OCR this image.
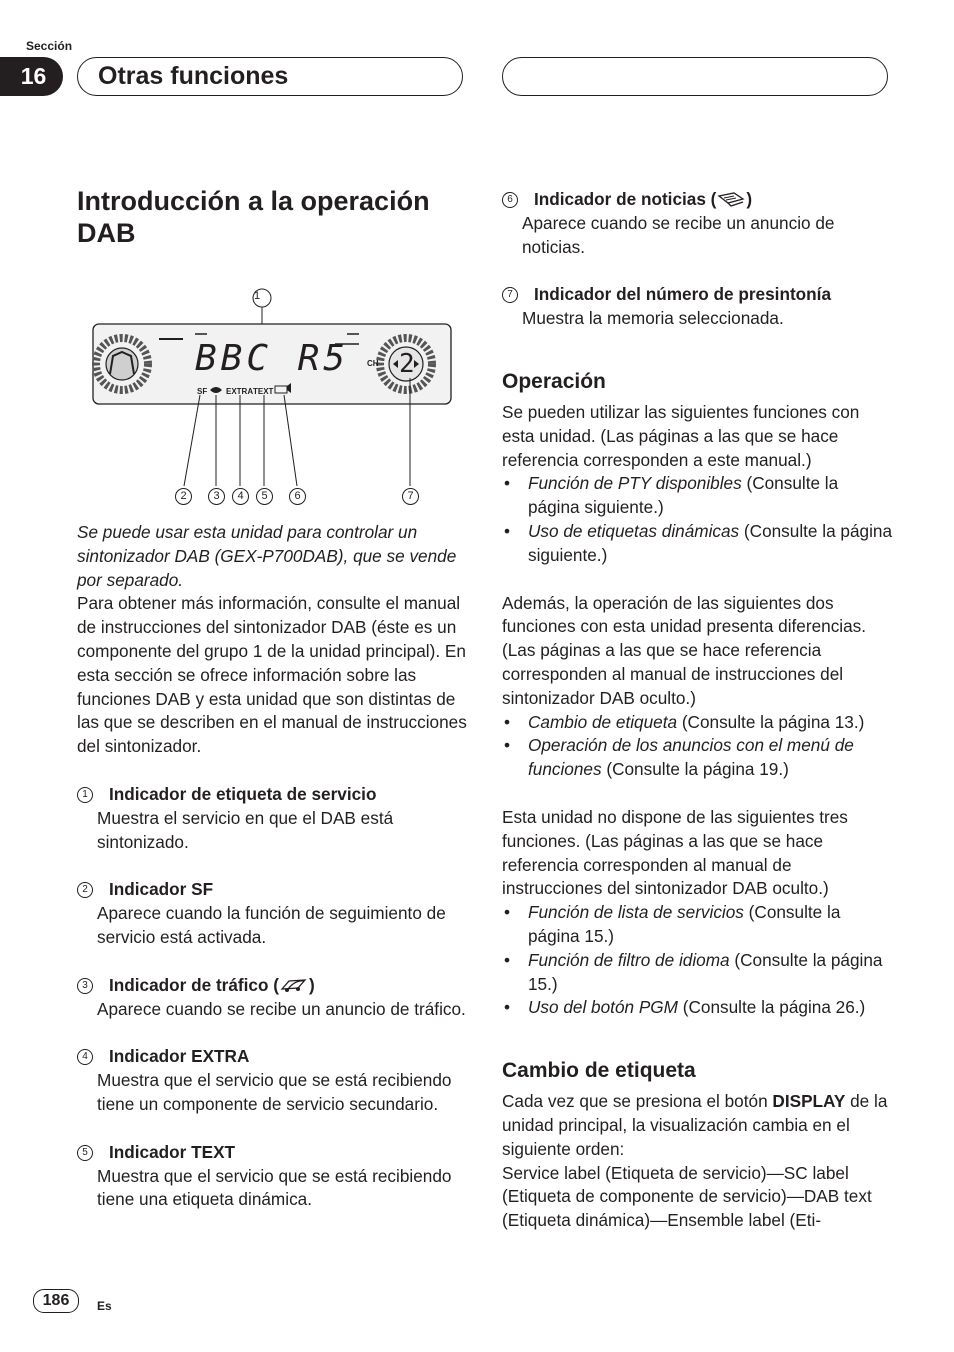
Sección
16	Otras funciones
Introducción a la operación DAB
BBC R5 2
CH
SF EXTRA TEXT
1
2	3	4	5	6	7

Se puede usar esta unidad para controlar un sintonizador DAB (GEX-P700DAB), que se vende por separado.

Para obtener más información, consulte el manual de instrucciones del sintonizador DAB (éste es un componente del grupo 1 de la unidad principal). En esta sección se ofrece información sobre las funciones DAB y esta unidad que son distintas de las que se describen en el manual de instrucciones del sintonizador.

1	Indicador de etiqueta de servicio
Muestra el servicio en que el DAB está sintonizado.
2	Indicador SF
Aparece cuando la función de seguimiento de servicio está activada.
3	Indicador de tráfico ( )
Aparece cuando se recibe un anuncio de tráfico.
4	Indicador EXTRA
Muestra que el servicio que se está recibiendo tiene un componente de servicio secundario.
5	Indicador TEXT
Muestra que el servicio que se está recibiendo tiene una etiqueta dinámica.
6	Indicador de noticias ( )
Aparece cuando se recibe un anuncio de noticias.
7	Indicador del número de presintonía
Muestra la memoria seleccionada.
Operación

Se pueden utilizar las siguientes funciones con esta unidad. (Las páginas a las que se hace referencia corresponden a este manual.)

• Función de PTY disponibles (Consulte la página siguiente.)
• Uso de etiquetas dinámicas (Consulte la página siguiente.)

Además, la operación de las siguientes dos funciones con esta unidad presenta diferencias. (Las páginas a las que se hace referencia corresponden al manual de instrucciones del sintonizador DAB oculto.)

• Cambio de etiqueta (Consulte la página 13.)
• Operación de los anuncios con el menú de funciones (Consulte la página 19.)

Esta unidad no dispone de las siguientes tres funciones. (Las páginas a las que se hace referencia corresponden al manual de instrucciones del sintonizador DAB oculto.)

• Función de lista de servicios (Consulte la página 15.)
• Función de filtro de idioma (Consulte la página 15.)
• Uso del botón PGM (Consulte la página 26.)
Cambio de etiqueta

Cada vez que se presiona el botón DISPLAY de la unidad principal, la visualización cambia en el siguiente orden:

Service label (Etiqueta de servicio)—SC label (Etiqueta de componente de servicio)—DAB text (Etiqueta dinámica)—Ensemble label (Eti-

186	Es
